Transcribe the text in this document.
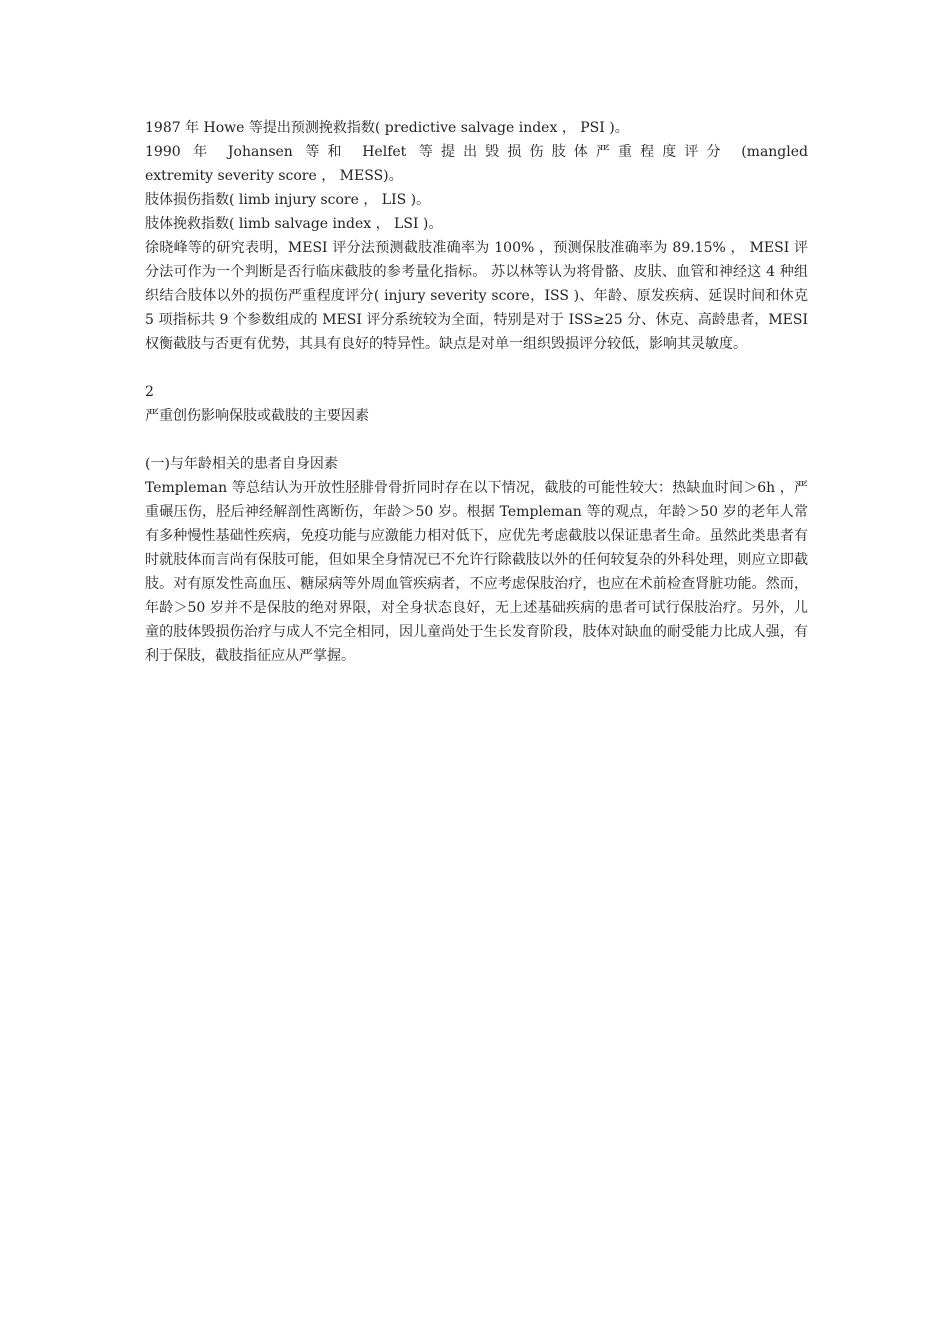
1987 年 Howe 等提出预测挽救指数( predictive salvage index ， PSI )。

1990 年 Johansen 等和 Helfet 等提出毁损伤肢体严重程度评分 (mangled

extremity severity score ， MESS)。

肢体损伤指数( limb injury score ， LIS )。

肢体挽救指数( limb salvage index ， LSI )。

徐晓峰等的研究表明，MESI 评分法预测截肢准确率为 100% ，预测保肢准确率为 89.15% ， MESI 评分法可作为一个判断是否行临床截肢的参考量化指标。 苏以林等认为将骨骼、皮肤、血管和神经这 4 种组织结合肢体以外的损伤严重程度评分( injury severity score，ISS )、年龄、原发疾病、延误时间和休克 5 项指标共 9 个参数组成的 MESI 评分系统较为全面，特别是对于 ISS≥25 分、休克、高龄患者，MESI 权衡截肢与否更有优势，其具有良好的特异性。缺点是对单一组织毁损评分较低，影响其灵敏度。

2

严重创伤影响保肢或截肢的主要因素

(一)与年龄相关的患者自身因素

Templeman 等总结认为开放性胫腓骨骨折同时存在以下情况，截肢的可能性较大：热缺血时间＞6h ，严重碾压伤，胫后神经解剖性离断伤，年龄＞50 岁。根据 Templeman 等的观点，年龄＞50 岁的老年人常有多种慢性基础性疾病，免疫功能与应激能力相对低下，应优先考虑截肢以保证患者生命。虽然此类患者有时就肢体而言尚有保肢可能，但如果全身情况已不允许行除截肢以外的任何较复杂的外科处理，则应立即截肢。对有原发性高血压、糖尿病等外周血管疾病者，不应考虑保肢治疗，也应在术前检查肾脏功能。然而，年龄＞50 岁并不是保肢的绝对界限，对全身状态良好，无上述基础疾病的患者可试行保肢治疗。另外，儿童的肢体毁损伤治疗与成人不完全相同，因儿童尚处于生长发育阶段，肢体对缺血的耐受能力比成人强，有利于保肢，截肢指征应从严掌握。
